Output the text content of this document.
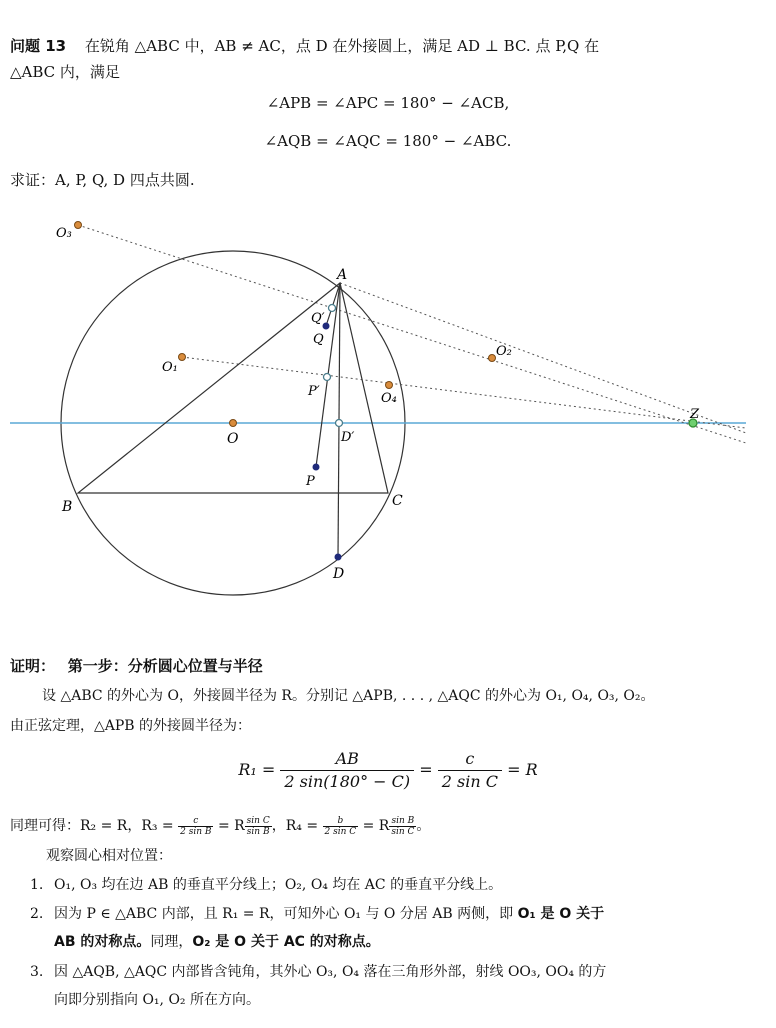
问题 13 在锐角 △ABC 中，AB ≠ AC，点 D 在外接圆上，满足 AD ⊥ BC. 点 P,Q 在
△ABC 内，满足
∠APB = ∠APC = 180° − ∠ACB,
∠AQB = ∠AQC = 180° − ∠ABC.
求证：A, P, Q, D 四点共圆.
A
O₃
O₁
O
O₂
O₄
Q′
Q
P′
D′
P
B	C
D
Z
证明： 第一步：分析圆心位置与半径
设 △ABC 的外心为 O，外接圆半径为 R。分别记 △APB, . . . , △AQC 的外心为 O₁, O₄, O₃, O₂。
由正弦定理，△APB 的外接圆半径为：
$R_1 = \frac{AB}{2 \sin(180^\circ - C)} = \frac{c}{\text{2 sin C}} = R$
同理可得：R₂ = R，$R_3 = \frac{c}{\text{2 sin B}} = R \frac{\text{sin C}}{\text{sin B}}$ ，$R_4 = \frac{b}{\text{2 sin C}} = R \frac{\text{sin B}}{\text{sin C}}$ 。
观察圆心相对位置：
1. O₁, O₃ 均在边 AB 的垂直平分线上；O₂, O₄ 均在 AC 的垂直平分线上。
2. 因为 P ∈ △ABC 内部，且 R₁ = R，可知外心 O₁ 与 O 分居 AB 两侧，即 O₁ 是 O 关于
AB 的对称点。同理，O₂ 是 O 关于 AC 的对称点。
3. 因 △AQB, △AQC 内部皆含钝角，其外心 O₃, O₄ 落在三角形外部，射线 OO₃, OO₄ 的方
向即分别指向 O₁, O₂ 所在方向。
